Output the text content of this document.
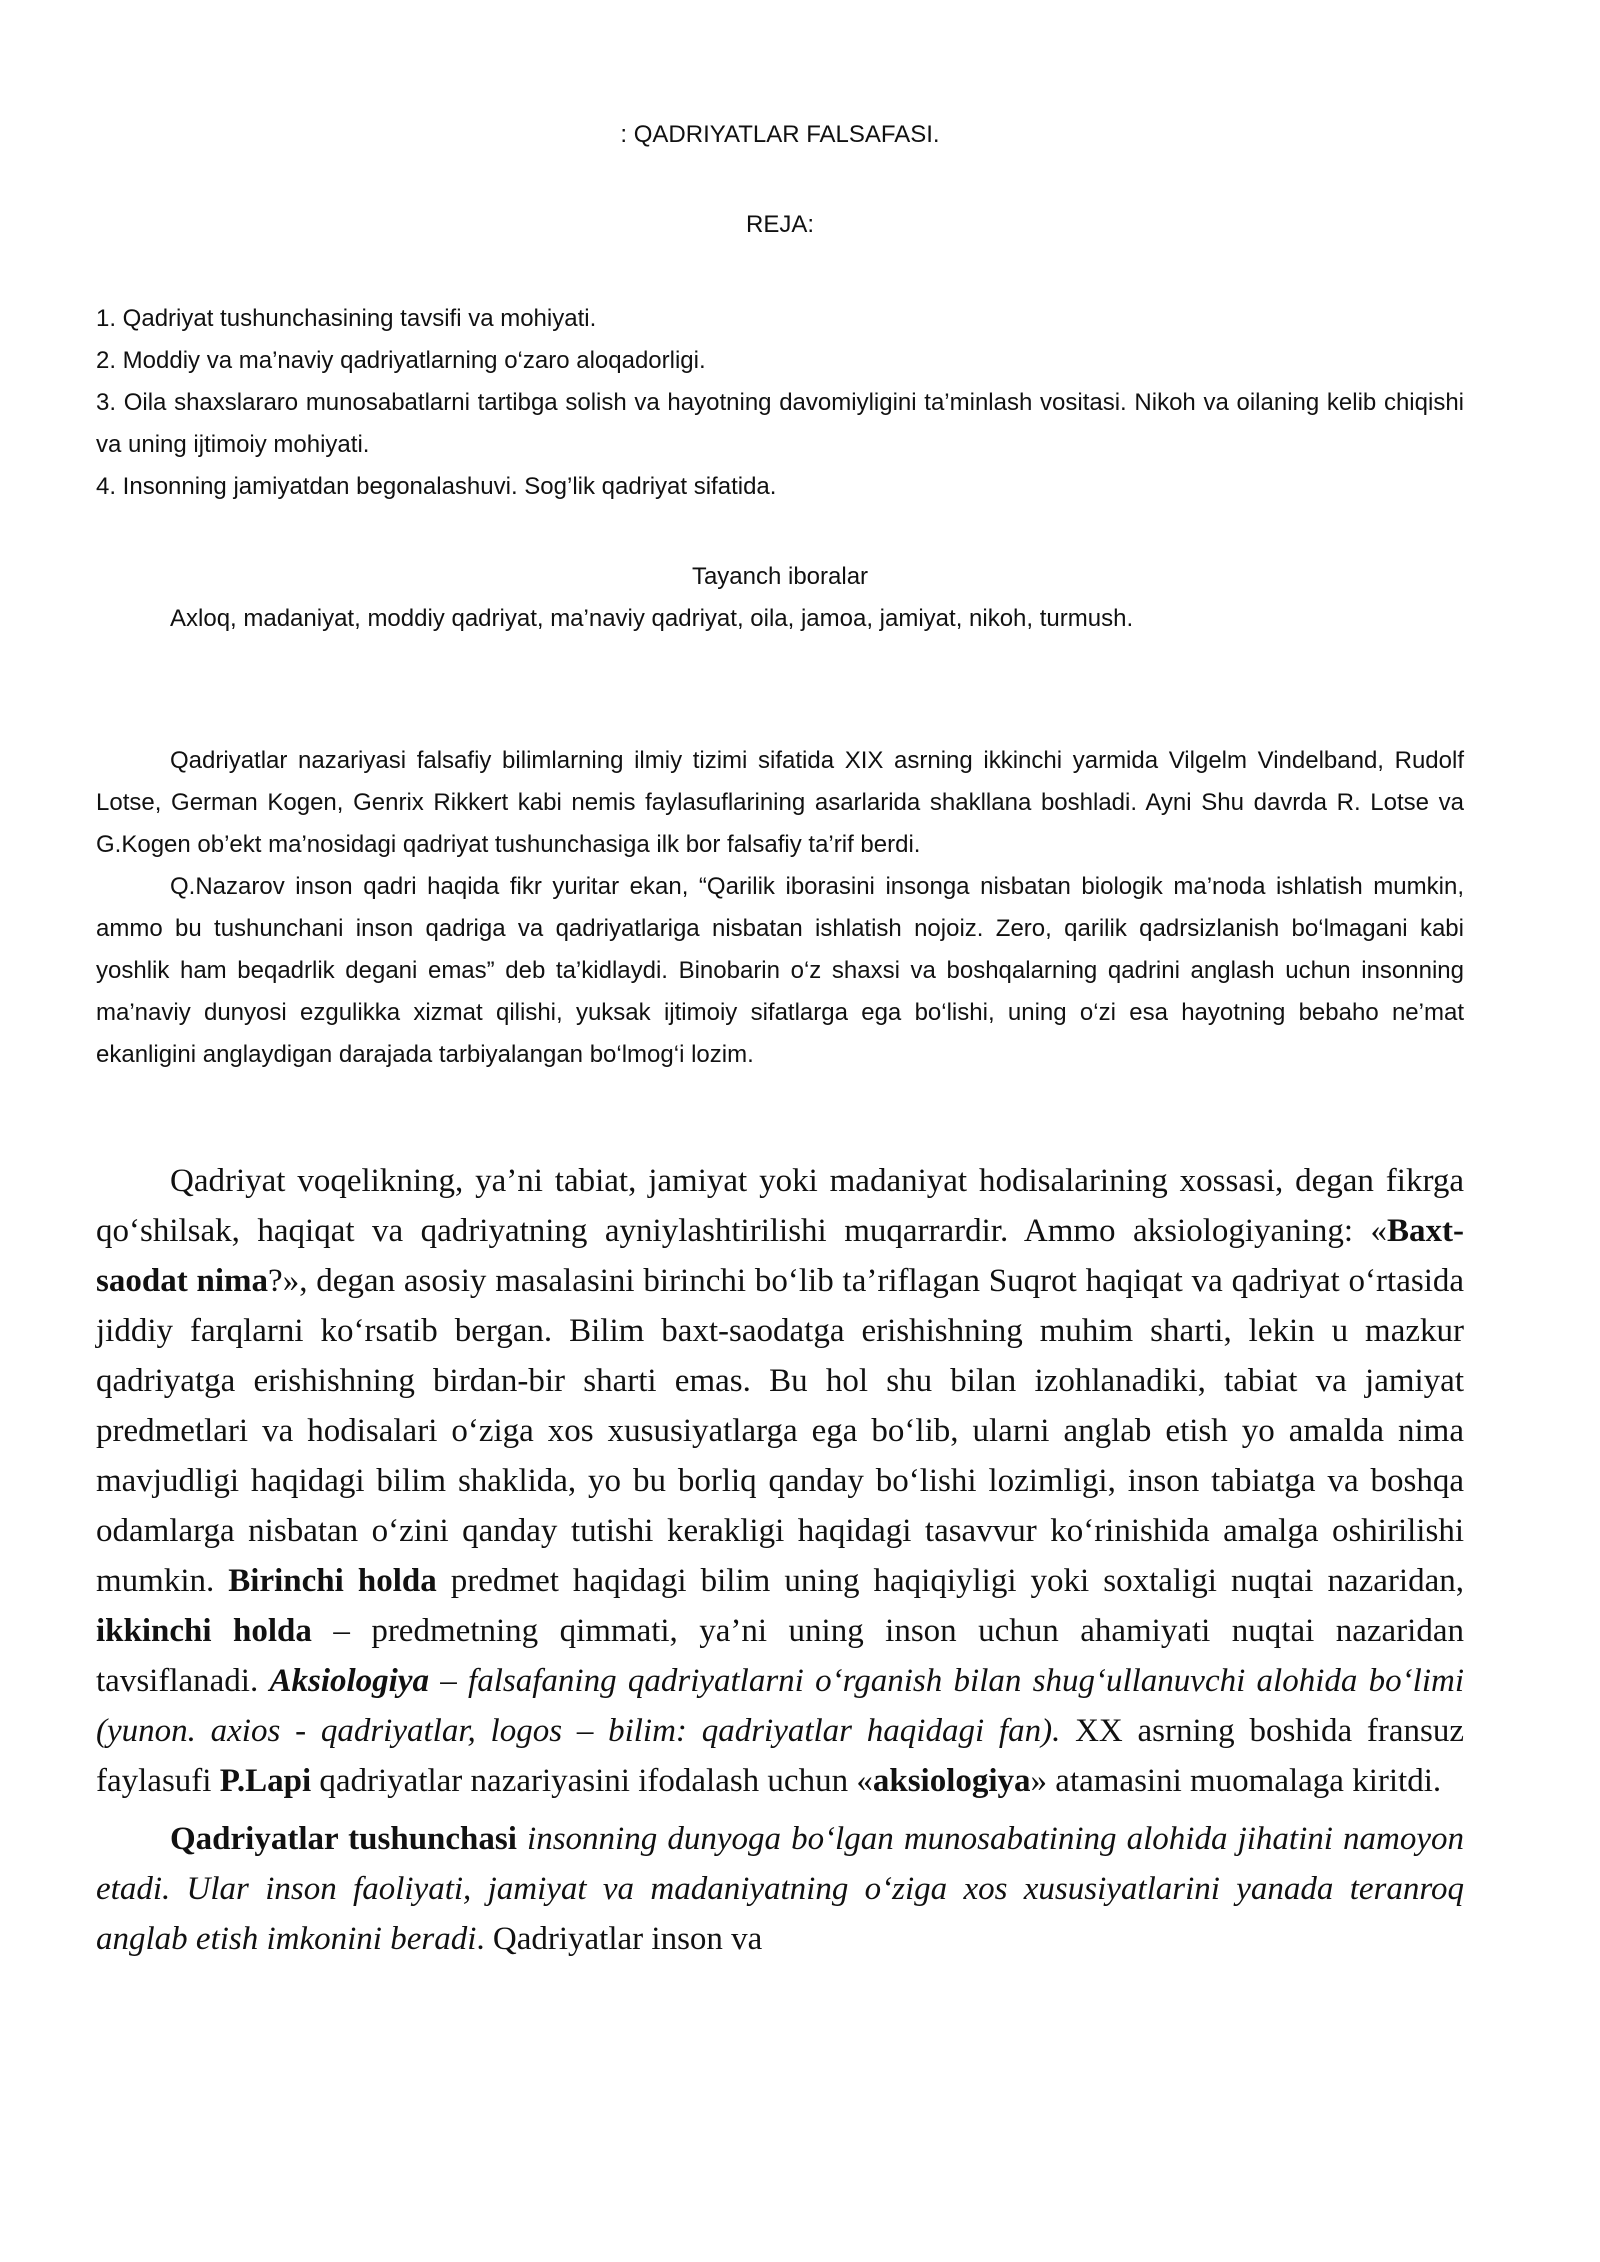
: QADRIYATLAR FALSAFASI.
REJA:

1. Qadriyat tushunchasining tavsifi va mohiyati.

2. Moddiy va ma’naviy qadriyatlarning o‘zaro aloqadorligi.

3. Oila shaxslararo munosabatlarni tartibga solish va hayotning davomiyligini ta’minlash vositasi. Nikoh va oilaning kelib chiqishi va uning ijtimoiy mohiyati.

4. Insonning jamiyatdan begonalashuvi. Sog’lik qadriyat sifatida.

Tayanch iboralar
Axloq, madaniyat, moddiy qadriyat, ma’naviy qadriyat, oila, jamoa, jamiyat, nikoh, turmush.

Qadriyatlar nazariyasi falsafiy bilimlarning ilmiy tizimi sifatida XIX asrning ikkinchi yarmida Vilgelm Vindelband, Rudolf Lotse, German Kogen, Genrix Rikkert kabi nemis faylasuflarining asarlarida shakllana boshladi. Ayni Shu davrda R. Lotse va G.Kogen ob’ekt ma’nosidagi qadriyat tushunchasiga ilk bor falsafiy ta’rif berdi.

Q.Nazarov inson qadri haqida fikr yuritar ekan, “Qarilik iborasini insonga nisbatan biologik ma’noda ishlatish mumkin, ammo bu tushunchani inson qadriga va qadriyatlariga nisbatan ishlatish nojoiz. Zero, qarilik qadrsizlanish bo‘lmagani kabi yoshlik ham beqadrlik degani emas” deb ta’kidlaydi. Binobarin o‘z shaxsi va boshqalarning qadrini anglash uchun insonning ma’naviy dunyosi ezgulikka xizmat qilishi, yuksak ijtimoiy sifatlarga ega bo‘lishi, uning o‘zi esa hayotning bebaho ne’mat ekanligini anglaydigan darajada tarbiyalangan bo‘lmog‘i lozim.

Qadriyat voqelikning, ya’ni tabiat, jamiyat yoki madaniyat hodisalarining xossasi, degan fikrga qo‘shilsak, haqiqat va qadriyatning ayniylashtirilishi muqarrardir. Ammo aksiologiyaning: «Baxt-saodat nima?», degan asosiy masalasini birinchi bo‘lib ta’riflagan Suqrot haqiqat va qadriyat o‘rtasida jiddiy farqlarni ko‘rsatib bergan. Bilim baxt-saodatga erishishning muhim sharti, lekin u mazkur qadriyatga erishishning birdan-bir sharti emas. Bu hol shu bilan izohlanadiki, tabiat va jamiyat predmetlari va hodisalari o‘ziga xos xususiyatlarga ega bo‘lib, ularni anglab etish yo amalda nima mavjudligi haqidagi bilim shaklida, yo bu borliq qanday bo‘lishi lozimligi, inson tabiatga va boshqa odamlarga nisbatan o‘zini qanday tutishi kerakligi haqidagi tasavvur ko‘rinishida amalga oshirilishi mumkin. Birinchi holda predmet haqidagi bilim uning haqiqiyligi yoki soxtaligi nuqtai nazaridan, ikkinchi holda – predmetning qimmati, ya’ni uning inson uchun ahamiyati nuqtai nazaridan tavsiflanadi. Aksiologiya – falsafaning qadriyatlarni o‘rganish bilan shug‘ullanuvchi alohida bo‘limi (yunon. axios - qadriyatlar, logos – bilim: qadriyatlar haqidagi fan). XX asrning boshida fransuz faylasufi P.Lapi qadriyatlar nazariyasini ifodalash uchun «aksiologiya» atamasini muomalaga kiritdi.

Qadriyatlar tushunchasi insonning dunyoga bo‘lgan munosabatining alohida jihatini namoyon etadi. Ular inson faoliyati, jamiyat va madaniyatning o‘ziga xos xususiyatlarini yanada teranroq anglab etish imkonini beradi. Qadriyatlar inson va
